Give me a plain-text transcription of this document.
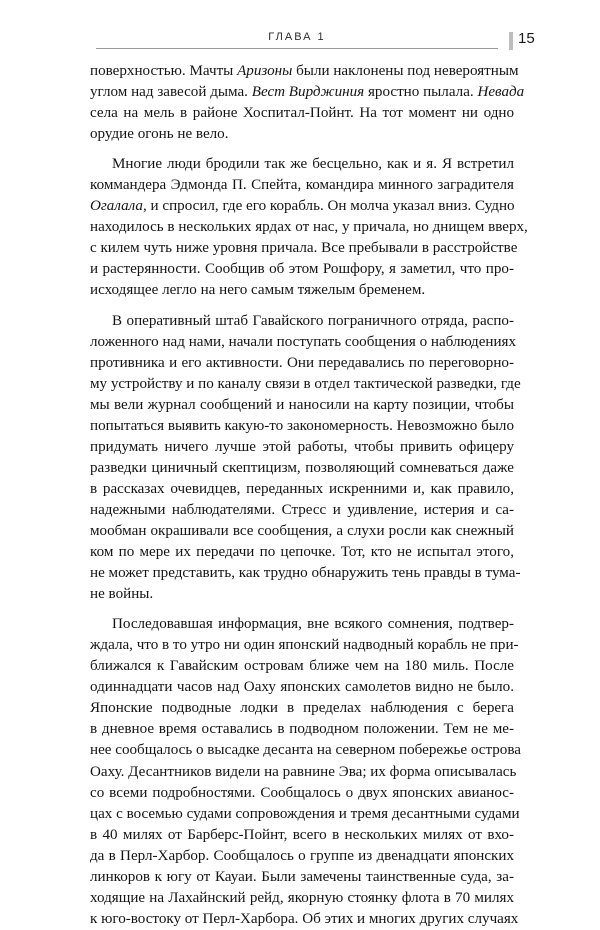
ГЛАВА 1	15
поверхностью. Мачты Аризоны были наклонены под невероятным
углом над завесой дыма. Вест Вирджиния яростно пылала. Невада
села на мель в районе Хоспитал-Пойнт. На тот момент ни одно
орудие огонь не вело.
Многие люди бродили так же бесцельно, как и я. Я встретил
коммандера Эдмонда П. Спейта, командира минного заградителя
Огалала, и спросил, где его корабль. Он молча указал вниз. Судно
находилось в нескольких ярдах от нас, у причала, но днищем вверх,
с килем чуть ниже уровня причала. Все пребывали в расстройстве
и растерянности. Сообщив об этом Рошфору, я заметил, что про-
исходящее легло на него самым тяжелым бременем.
В оперативный штаб Гавайского пограничного отряда, распо-
ложенного над нами, начали поступать сообщения о наблюдениях
противника и его активности. Они передавались по переговорно-
му устройству и по каналу связи в отдел тактической разведки, где
мы вели журнал сообщений и наносили на карту позиции, чтобы
попытаться выявить какую-то закономерность. Невозможно было
придумать ничего лучше этой работы, чтобы привить офицеру
разведки циничный скептицизм, позволяющий сомневаться даже
в рассказах очевидцев, переданных искренними и, как правило,
надежными наблюдателями. Стресс и удивление, истерия и са-
мообман окрашивали все сообщения, а слухи росли как снежный
ком по мере их передачи по цепочке. Тот, кто не испытал этого,
не может представить, как трудно обнаружить тень правды в тума-
не войны.
Последовавшая информация, вне всякого сомнения, подтвер-
ждала, что в то утро ни один японский надводный корабль не при-
ближался к Гавайским островам ближе чем на 180 миль. После
одиннадцати часов над Оаху японских самолетов видно не было.
Японские подводные лодки в пределах наблюдения с берега
в дневное время оставались в подводном положении. Тем не ме-
нее сообщалось о высадке десанта на северном побережье острова
Оаху. Десантников видели на равнине Эва; их форма описывалась
со всеми подробностями. Сообщалось о двух японских авианос-
цах с восемью судами сопровождения и тремя десантными судами
в 40 милях от Барберс-Пойнт, всего в нескольких милях от вхо-
да в Перл-Харбор. Сообщалось о группе из двенадцати японских
линкоров к югу от Кауаи. Были замечены таинственные суда, за-
ходящие на Лахайнский рейд, якорную стоянку флота в 70 милях
к юго-востоку от Перл-Харбора. Об этих и многих других случаях
